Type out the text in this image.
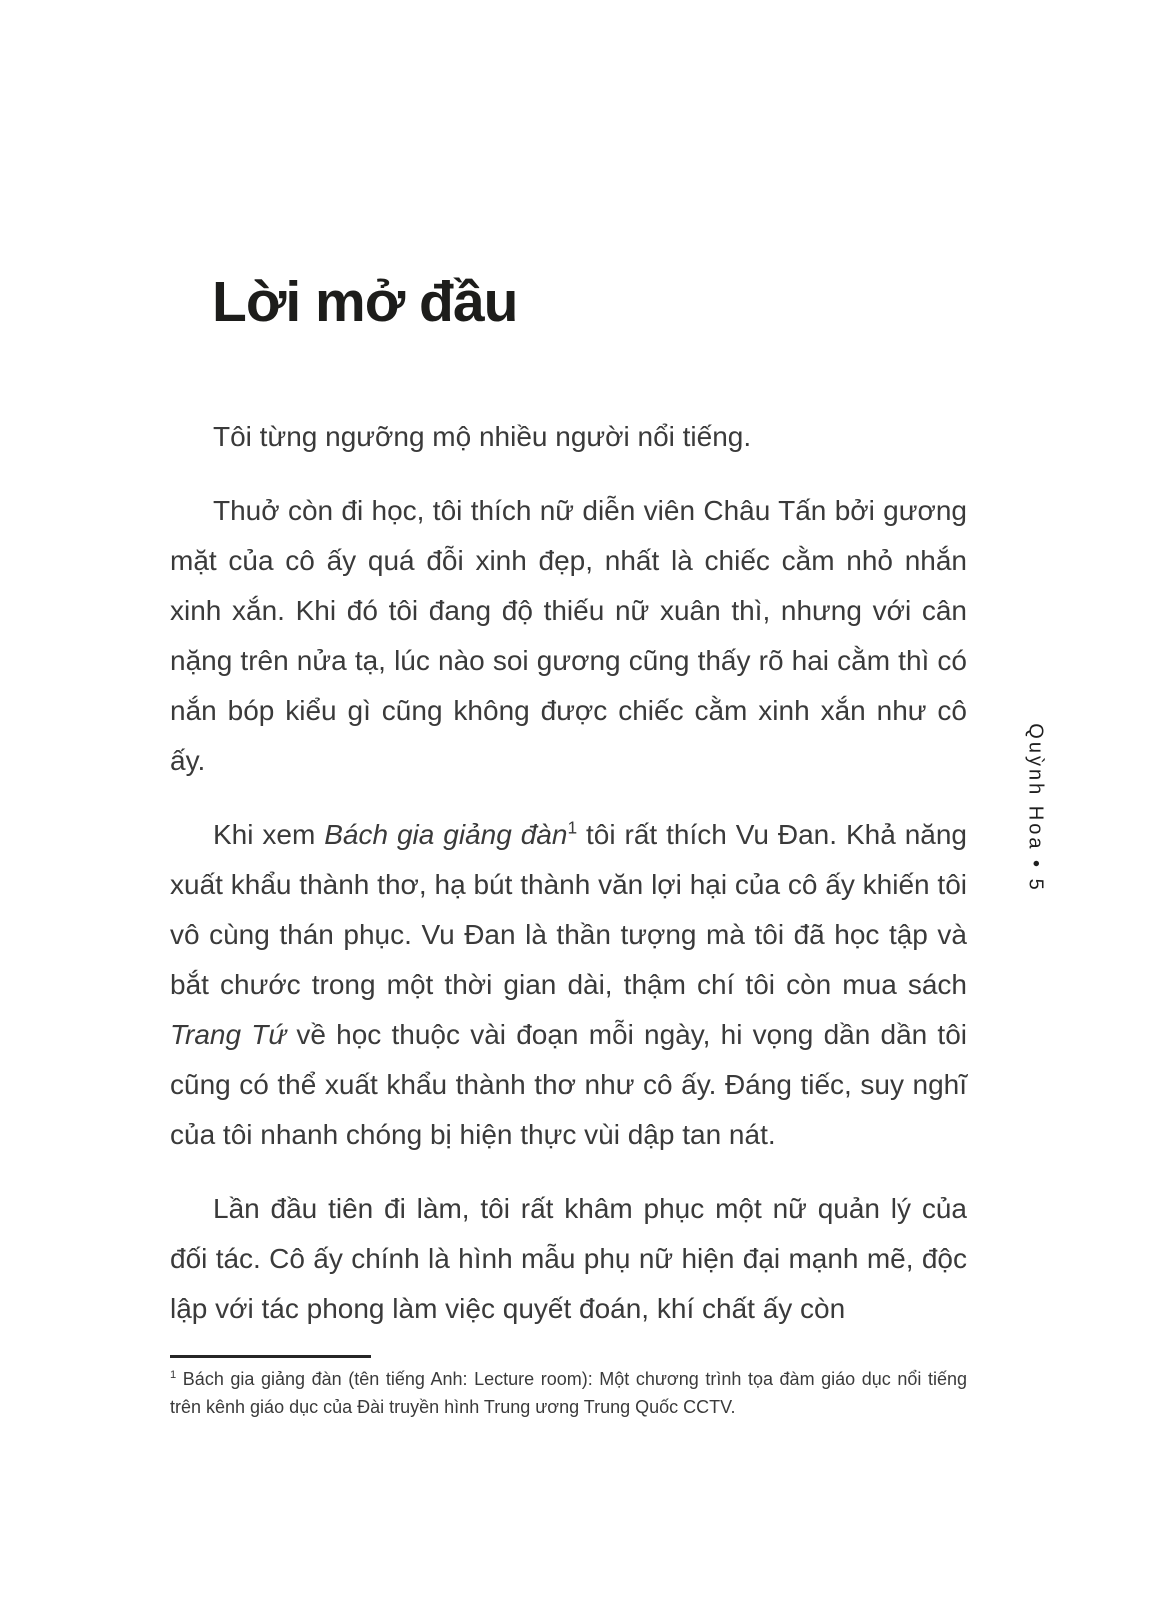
Lời mở đầu

Tôi từng ngưỡng mộ nhiều người nổi tiếng.

Thuở còn đi học, tôi thích nữ diễn viên Châu Tấn bởi gương mặt của cô ấy quá đỗi xinh đẹp, nhất là chiếc cằm nhỏ nhắn xinh xắn. Khi đó tôi đang độ thiếu nữ xuân thì, nhưng với cân nặng trên nửa tạ, lúc nào soi gương cũng thấy rõ hai cằm thì có nắn bóp kiểu gì cũng không được chiếc cằm xinh xắn như cô ấy.

Khi xem Bách gia giảng đàn$^1$ tôi rất thích Vu Đan. Khả năng xuất khẩu thành thơ, hạ bút thành văn lợi hại của cô ấy khiến tôi vô cùng thán phục. Vu Đan là thần tượng mà tôi đã học tập và bắt chước trong một thời gian dài, thậm chí tôi còn mua sách Trang Tứ về học thuộc vài đoạn mỗi ngày, hi vọng dần dần tôi cũng có thể xuất khẩu thành thơ như cô ấy. Đáng tiếc, suy nghĩ của tôi nhanh chóng bị hiện thực vùi dập tan nát.

Lần đầu tiên đi làm, tôi rất khâm phục một nữ quản lý của đối tác. Cô ấy chính là hình mẫu phụ nữ hiện đại mạnh mẽ, độc lập với tác phong làm việc quyết đoán, khí chất ấy còn

Quỳnh Hoa • 5
$^1$ Bách gia giảng đàn (tên tiếng Anh: Lecture room): Một chương trình tọa đàm giáo dục nổi tiếng trên kênh giáo dục của Đài truyền hình Trung ương Trung Quốc CCTV.
